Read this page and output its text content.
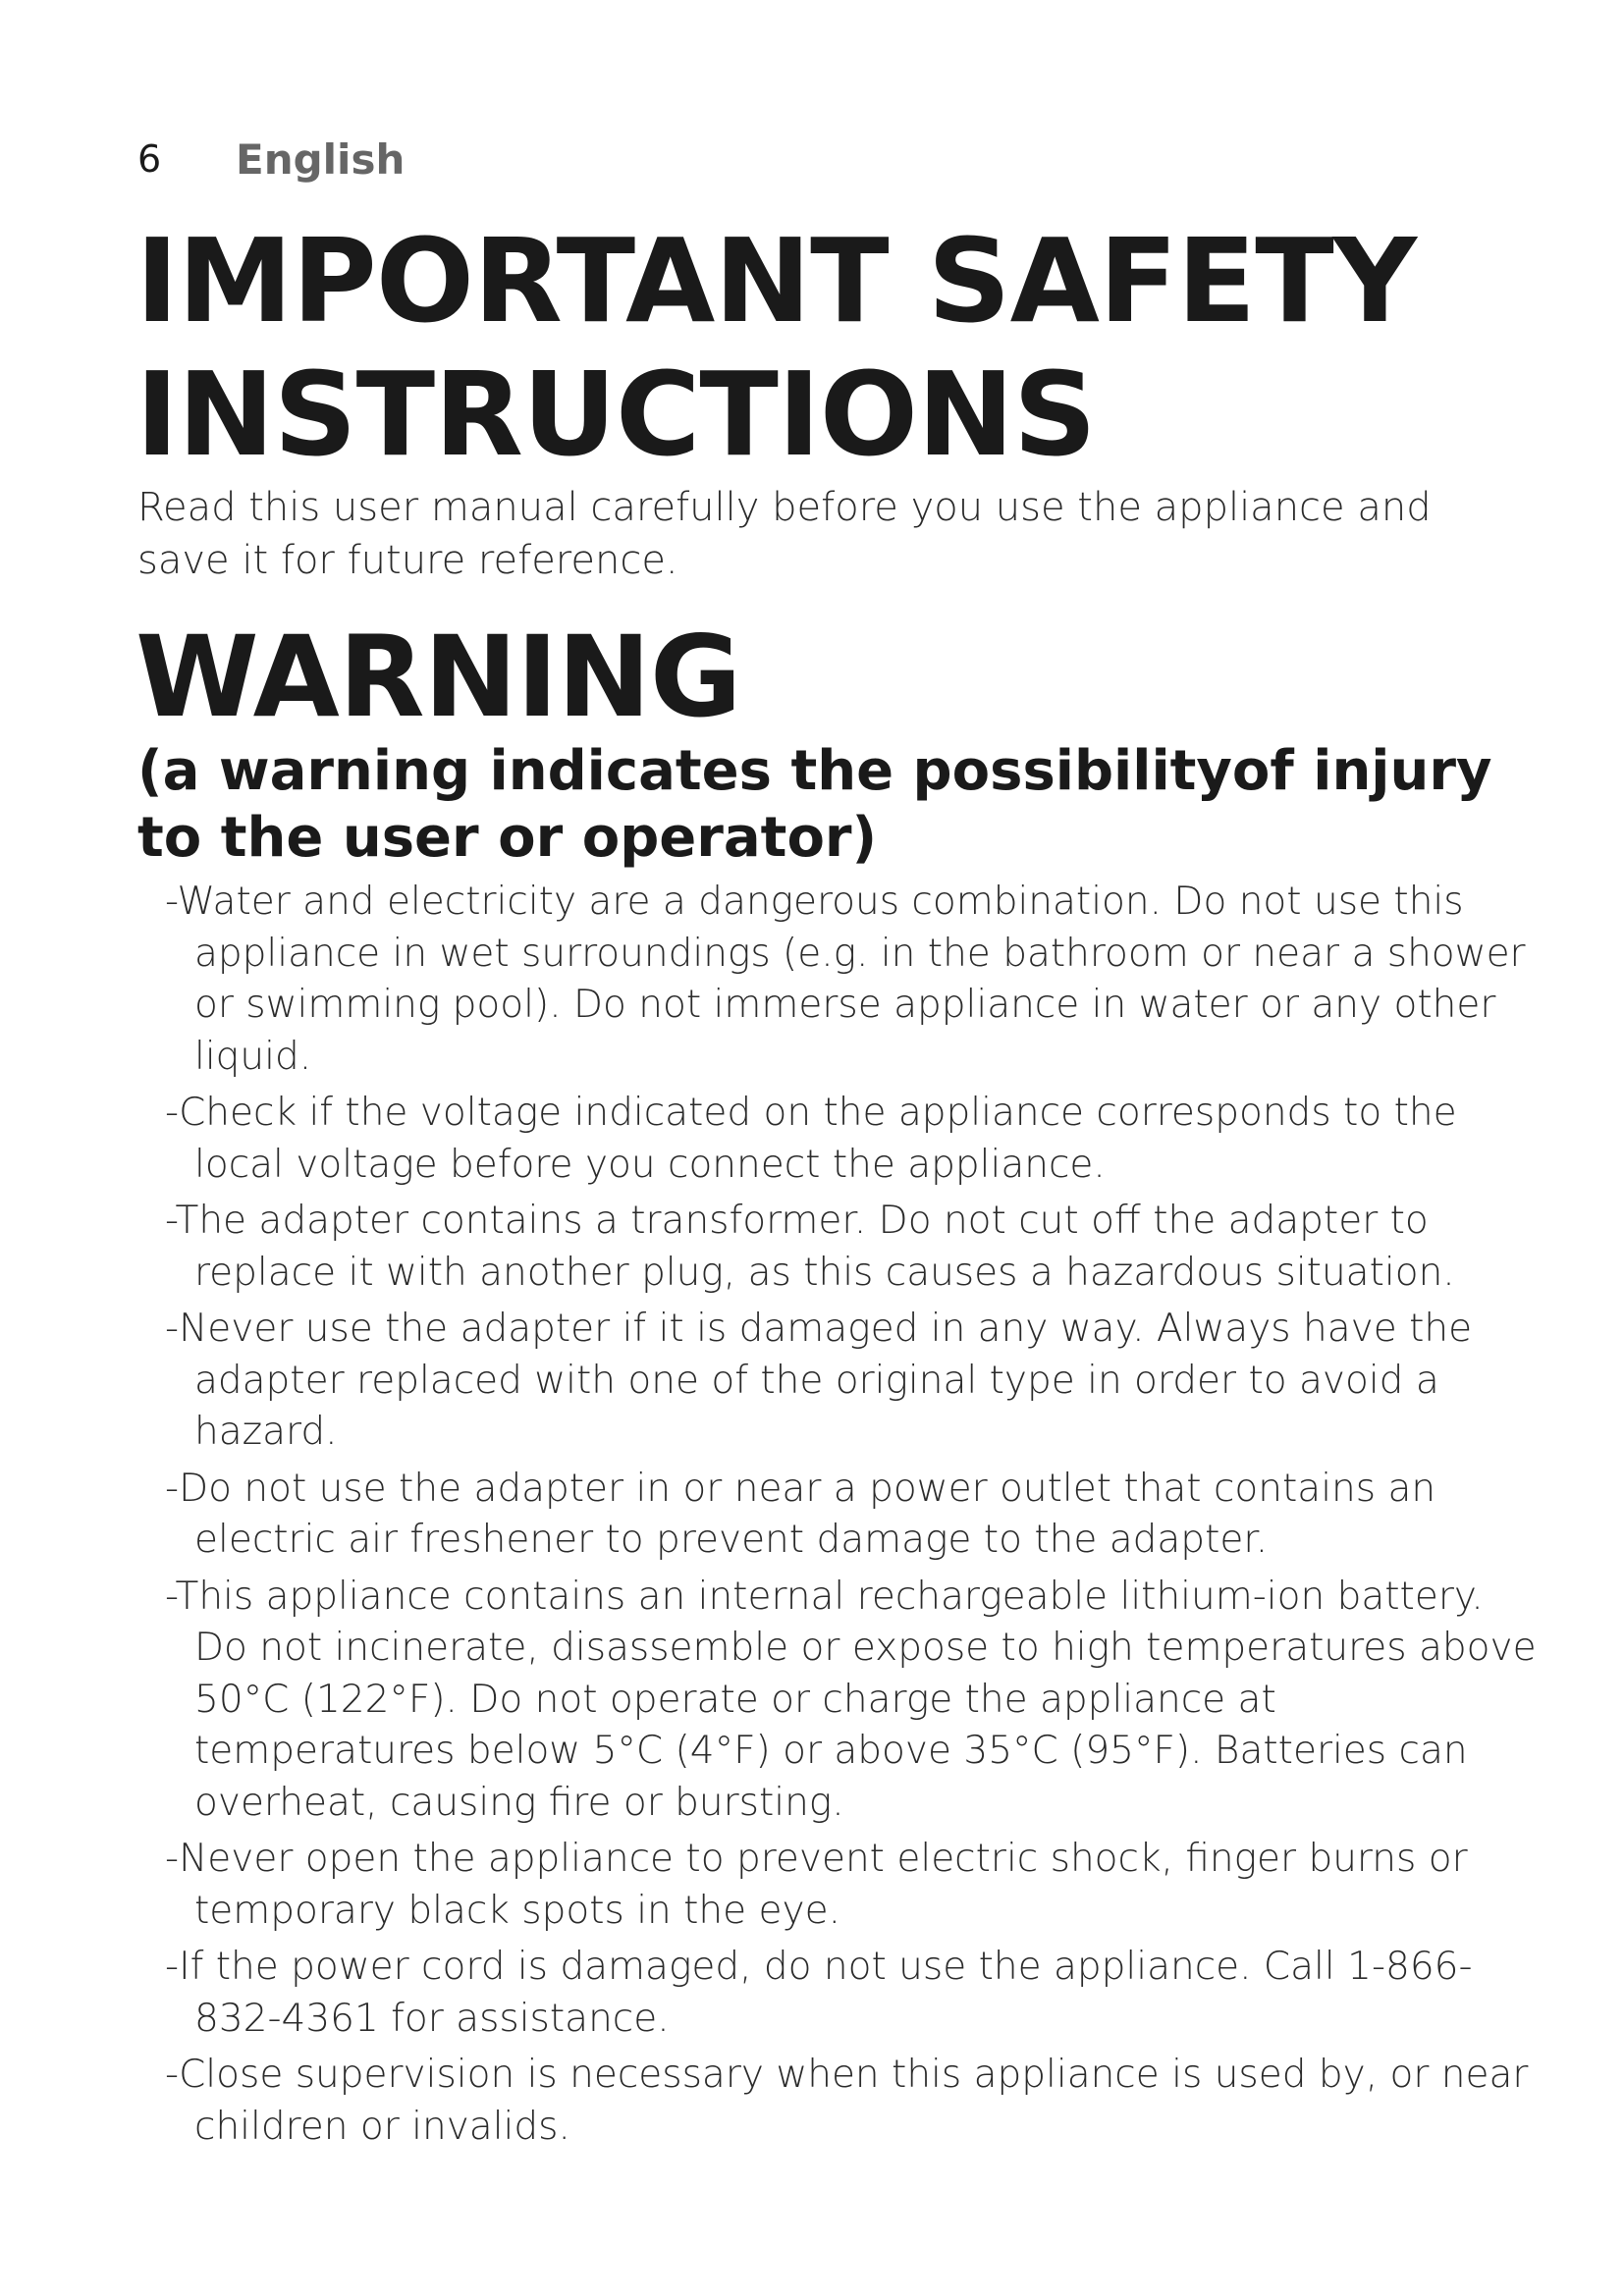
6	English
IMPORTANT SAFETY
INSTRUCTIONS

Read this user manual carefully before you use the appliance and save it for future reference.

WARNING
(a warning indicates the possibilityof injury to the user or operator)
-Water and electricity are a dangerous combination. Do not use this appliance in wet surroundings (e.g. in the bathroom or near a shower or swimming pool). Do not immerse appliance in water or any other liquid.
-Check if the voltage indicated on the appliance corresponds to the local voltage before you connect the appliance.
-The adapter contains a transformer. Do not cut off the adapter to replace it with another plug, as this causes a hazardous situation.
-Never use the adapter if it is damaged in any way. Always have the adapter replaced with one of the original type in order to avoid a hazard.
-Do not use the adapter in or near a power outlet that contains an electric air freshener to prevent damage to the adapter.
-This appliance contains an internal rechargeable lithium-ion battery. Do not incinerate, disassemble or expose to high temperatures above 50°C (122°F). Do not operate or charge the appliance at temperatures below 5°C (4°F) or above 35°C (95°F). Batteries can overheat, causing fire or bursting.
-Never open the appliance to prevent electric shock, finger burns or temporary black spots in the eye.
-If the power cord is damaged, do not use the appliance. Call 1-866-832-4361 for assistance.
-Close supervision is necessary when this appliance is used by, or near children or invalids.
